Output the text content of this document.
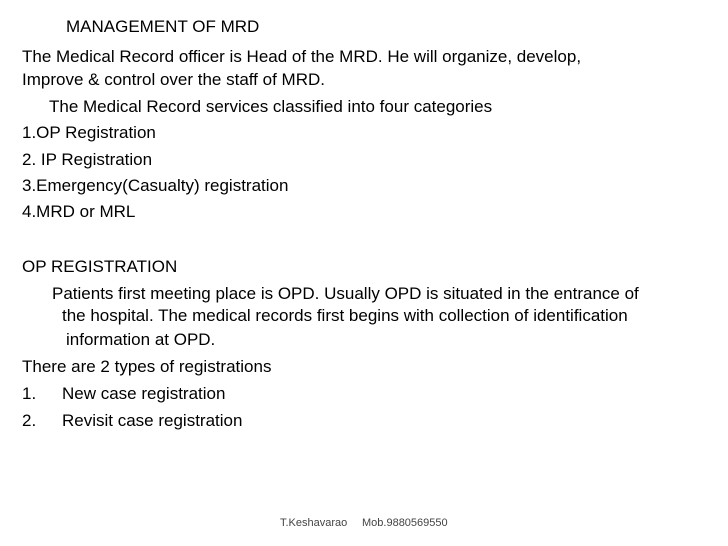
MANAGEMENT OF MRD
The Medical Record officer is Head of the MRD. He will organize, develop,
Improve & control over the staff of MRD.
The Medical Record services classified into four categories
1.OP Registration
2. IP Registration
3.Emergency(Casualty) registration
4.MRD or MRL
OP REGISTRATION
Patients first meeting place is OPD. Usually OPD is situated in the entrance of
the hospital. The medical records first begins with collection of identification
information at OPD.
There are 2 types of registrations
1. New case registration
2. Revisit case registration
T.Keshavarao Mob.9880569550
